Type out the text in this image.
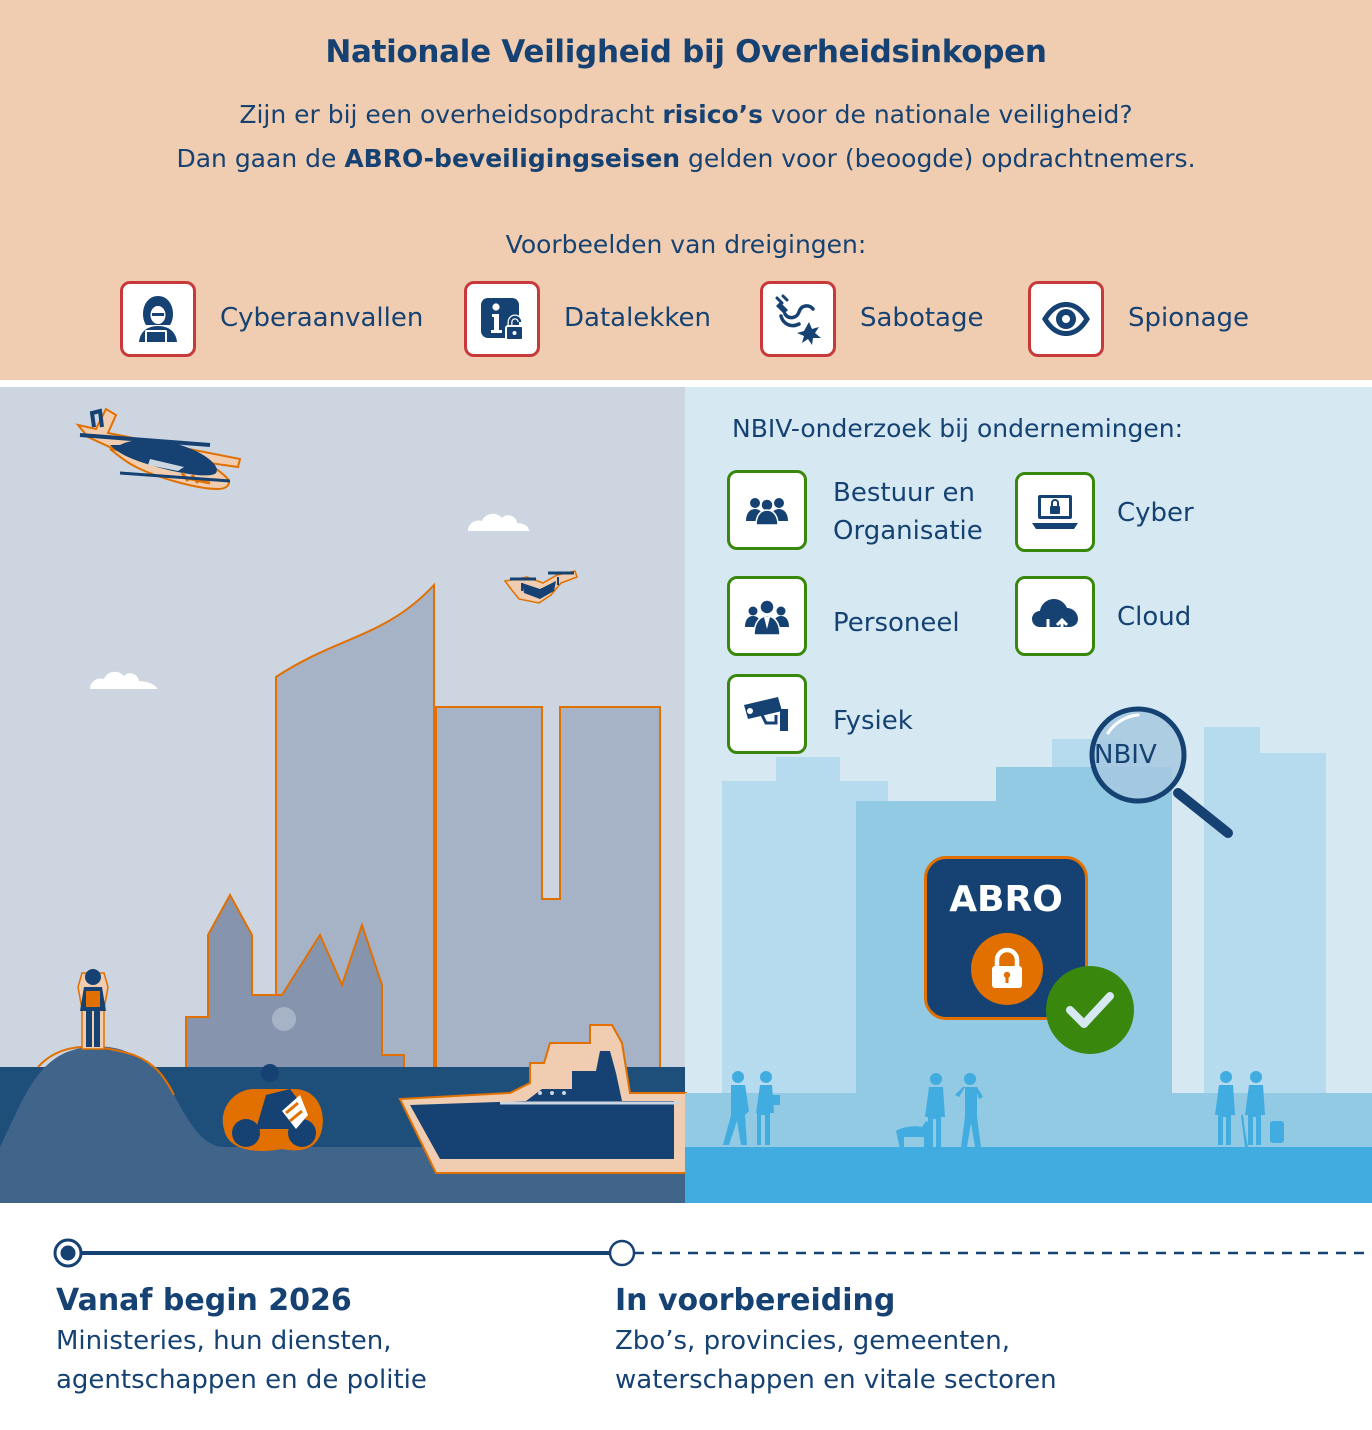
Nationale Veiligheid bij Overheidsinkopen
Zijn er bij een overheidsopdracht risico’s voor de nationale veiligheid?
Dan gaan de ABRO-beveiligingseisen gelden voor (beoogde) opdrachtnemers.
Voorbeelden van dreigingen:
Cyberaanvallen	Datalekken	Sabotage	Spionage
NBIV-onderzoek bij ondernemingen:
Bestuur en
Organisatie
Cyber
Personeel	Cloud
Fysiek
NBIV
ABRO
Vanaf begin 2026
Ministeries, hun diensten,
agentschappen en de politie
In voorbereiding
Zbo’s, provincies, gemeenten,
waterschappen en vitale sectoren
